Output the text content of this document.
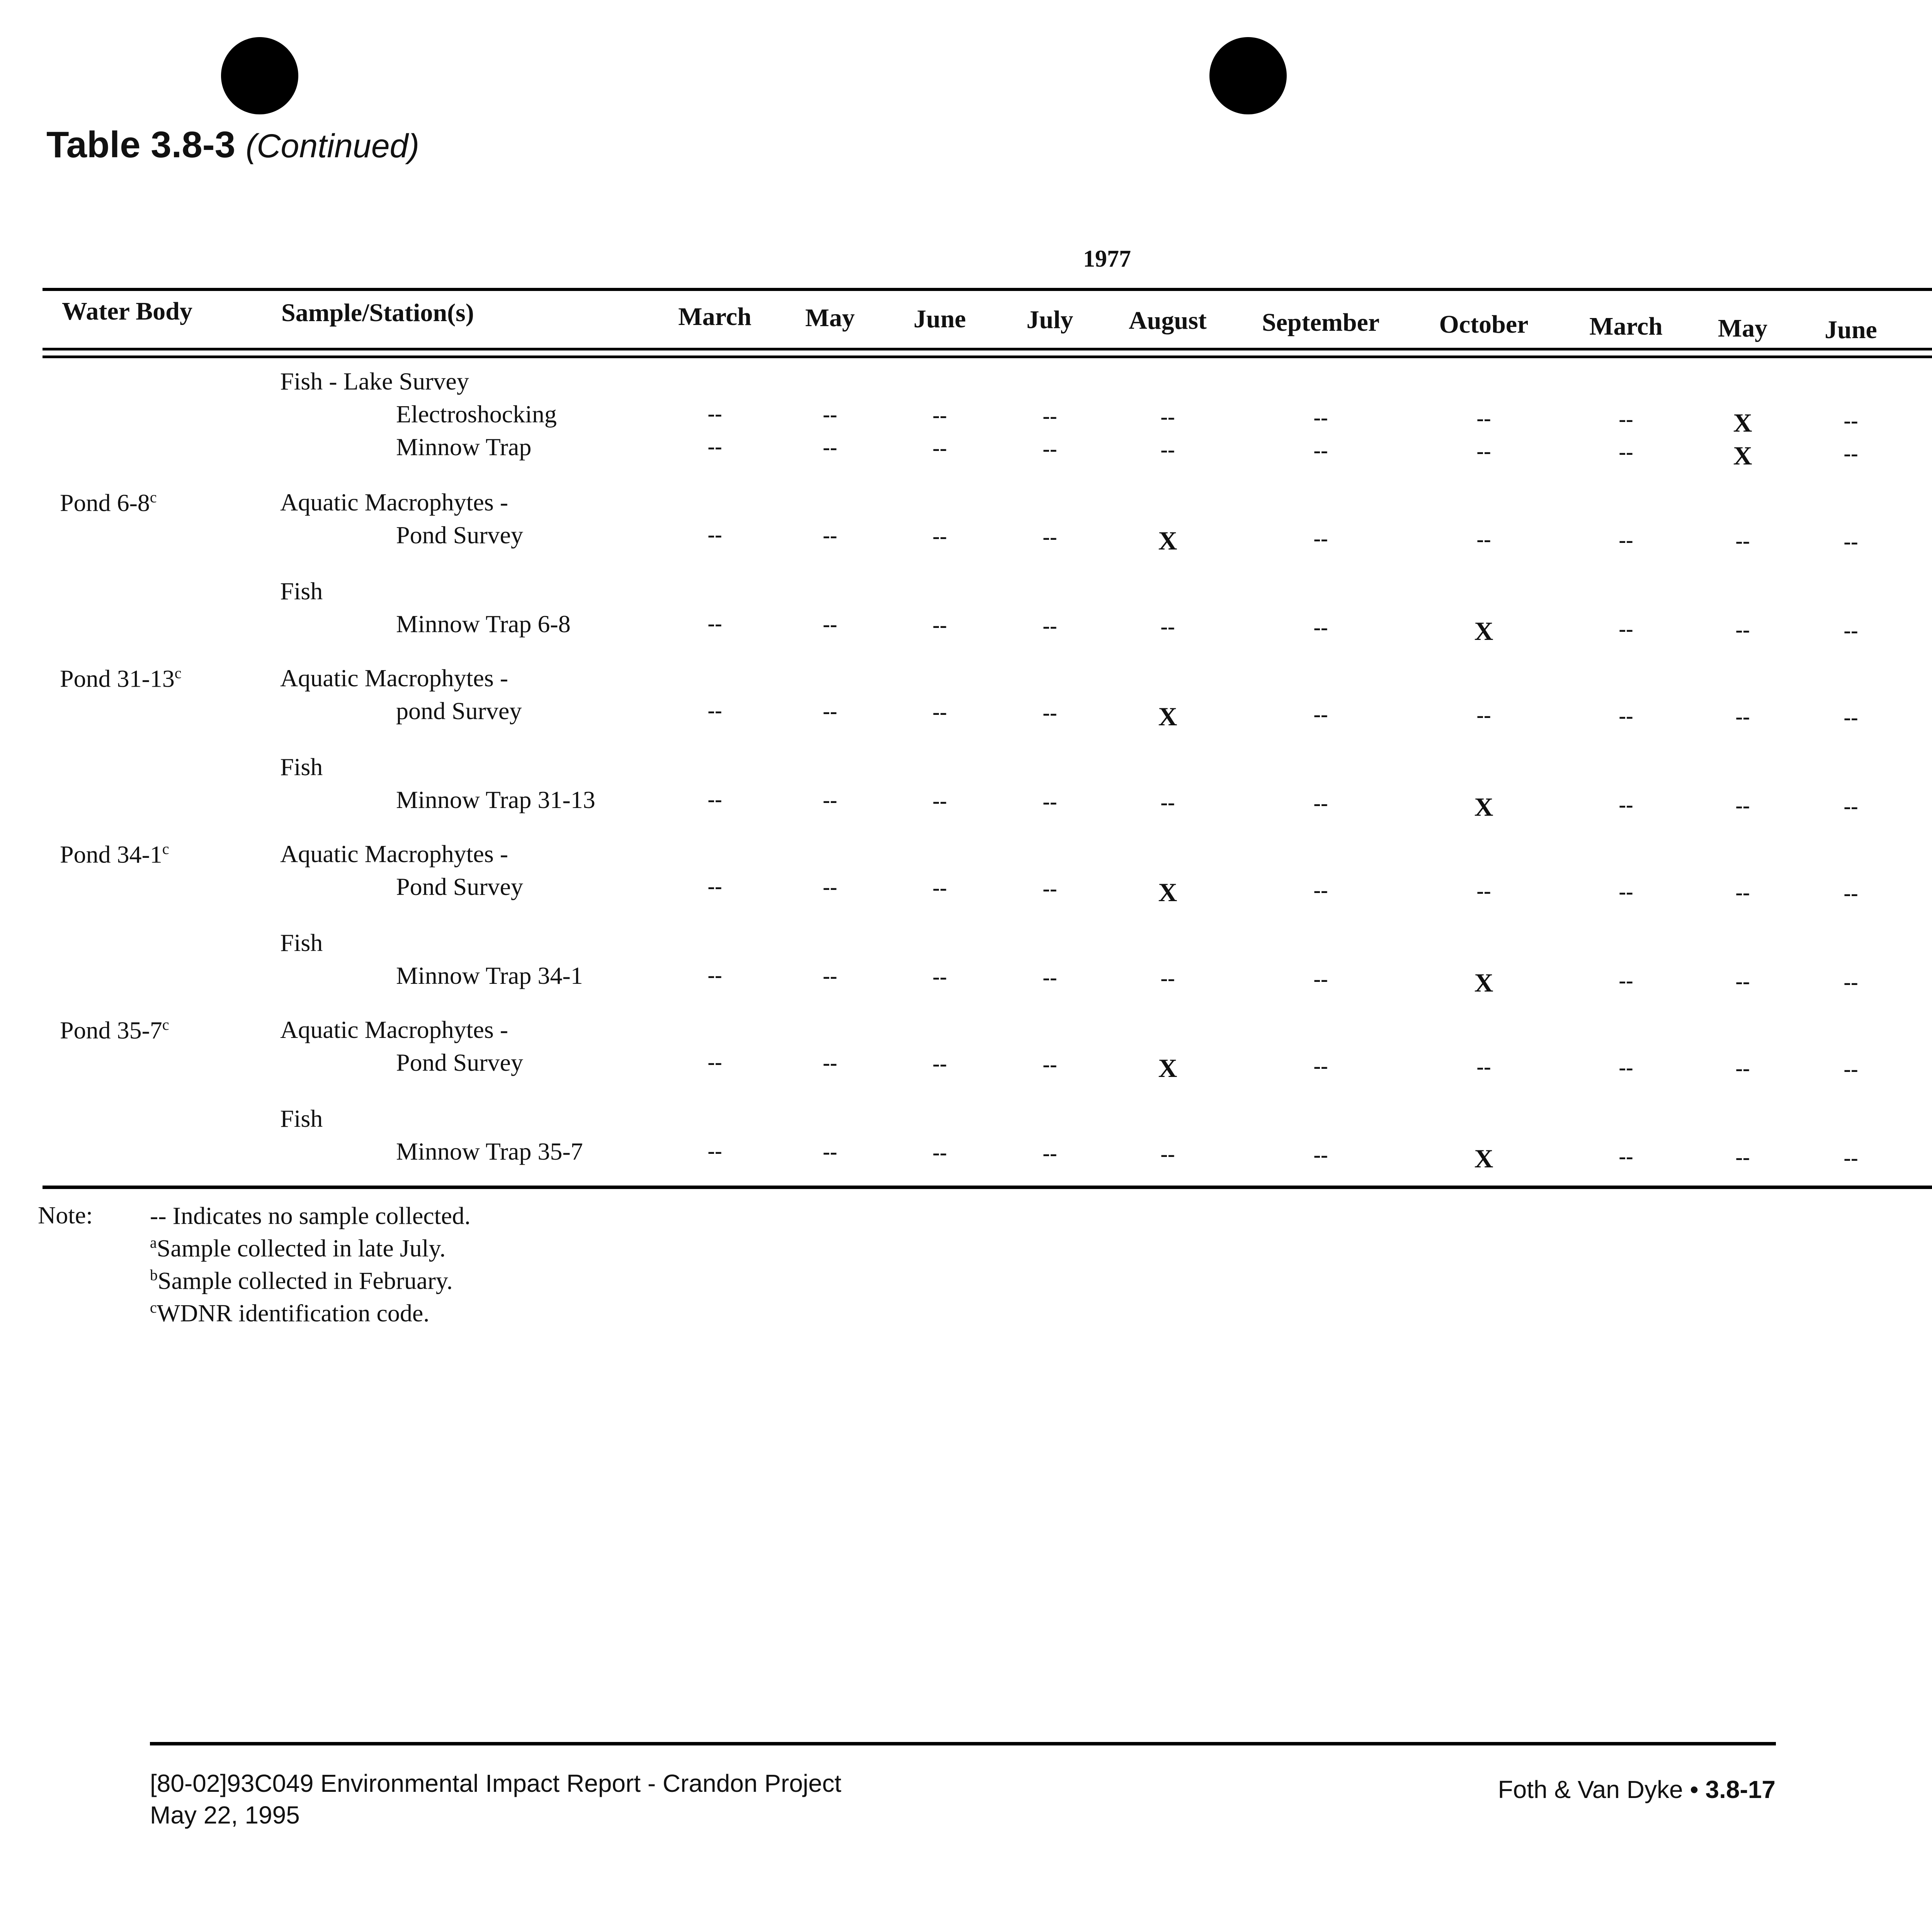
Table 3.8-3 (Continued)
1977
Water Body	Sample/Station(s)	March May June July August September October March May June
Fish - Lake Survey
Electroshocking	--	--	--	--	--	--	--	--	X	--
Minnow Trap	--	--	--	--	--	--	--	--	X	--
Pond 6-8$^c$	Aquatic Macrophytes -
Pond Survey	--	--	--	--	X	--	--	--	--	--
Fish
Minnow Trap 6-8	--	--	--	--	--	--	X	--	--	--
Pond 31-13$^c$	Aquatic Macrophytes -
pond Survey	--	--	--	--	X	--	--	--	--	--
Fish
Minnow Trap 31-13	--	--	--	--	--	--	X	--	--	--
Pond 34-1$^c$	Aquatic Macrophytes -
Pond Survey	--	--	--	--	X	--	--	--	--	--
Fish
Minnow Trap 34-1	--	--	--	--	--	--	X	--	--	--
Pond 35-7$^c$	Aquatic Macrophytes -
Pond Survey	--	--	--	--	X	--	--	--	--	--
Fish
Minnow Trap 35-7	--	--	--	--	--	--	X	--	--	--
Note: -- Indicates no sample collected.
$^a$Sample collected in late July.
$^b$Sample collected in February.
$^c$WDNR identification code.
[80-02]93C049 Environmental Impact Report - Crandon Project
May 22, 1995
Foth & Van Dyke • 3.8-17
